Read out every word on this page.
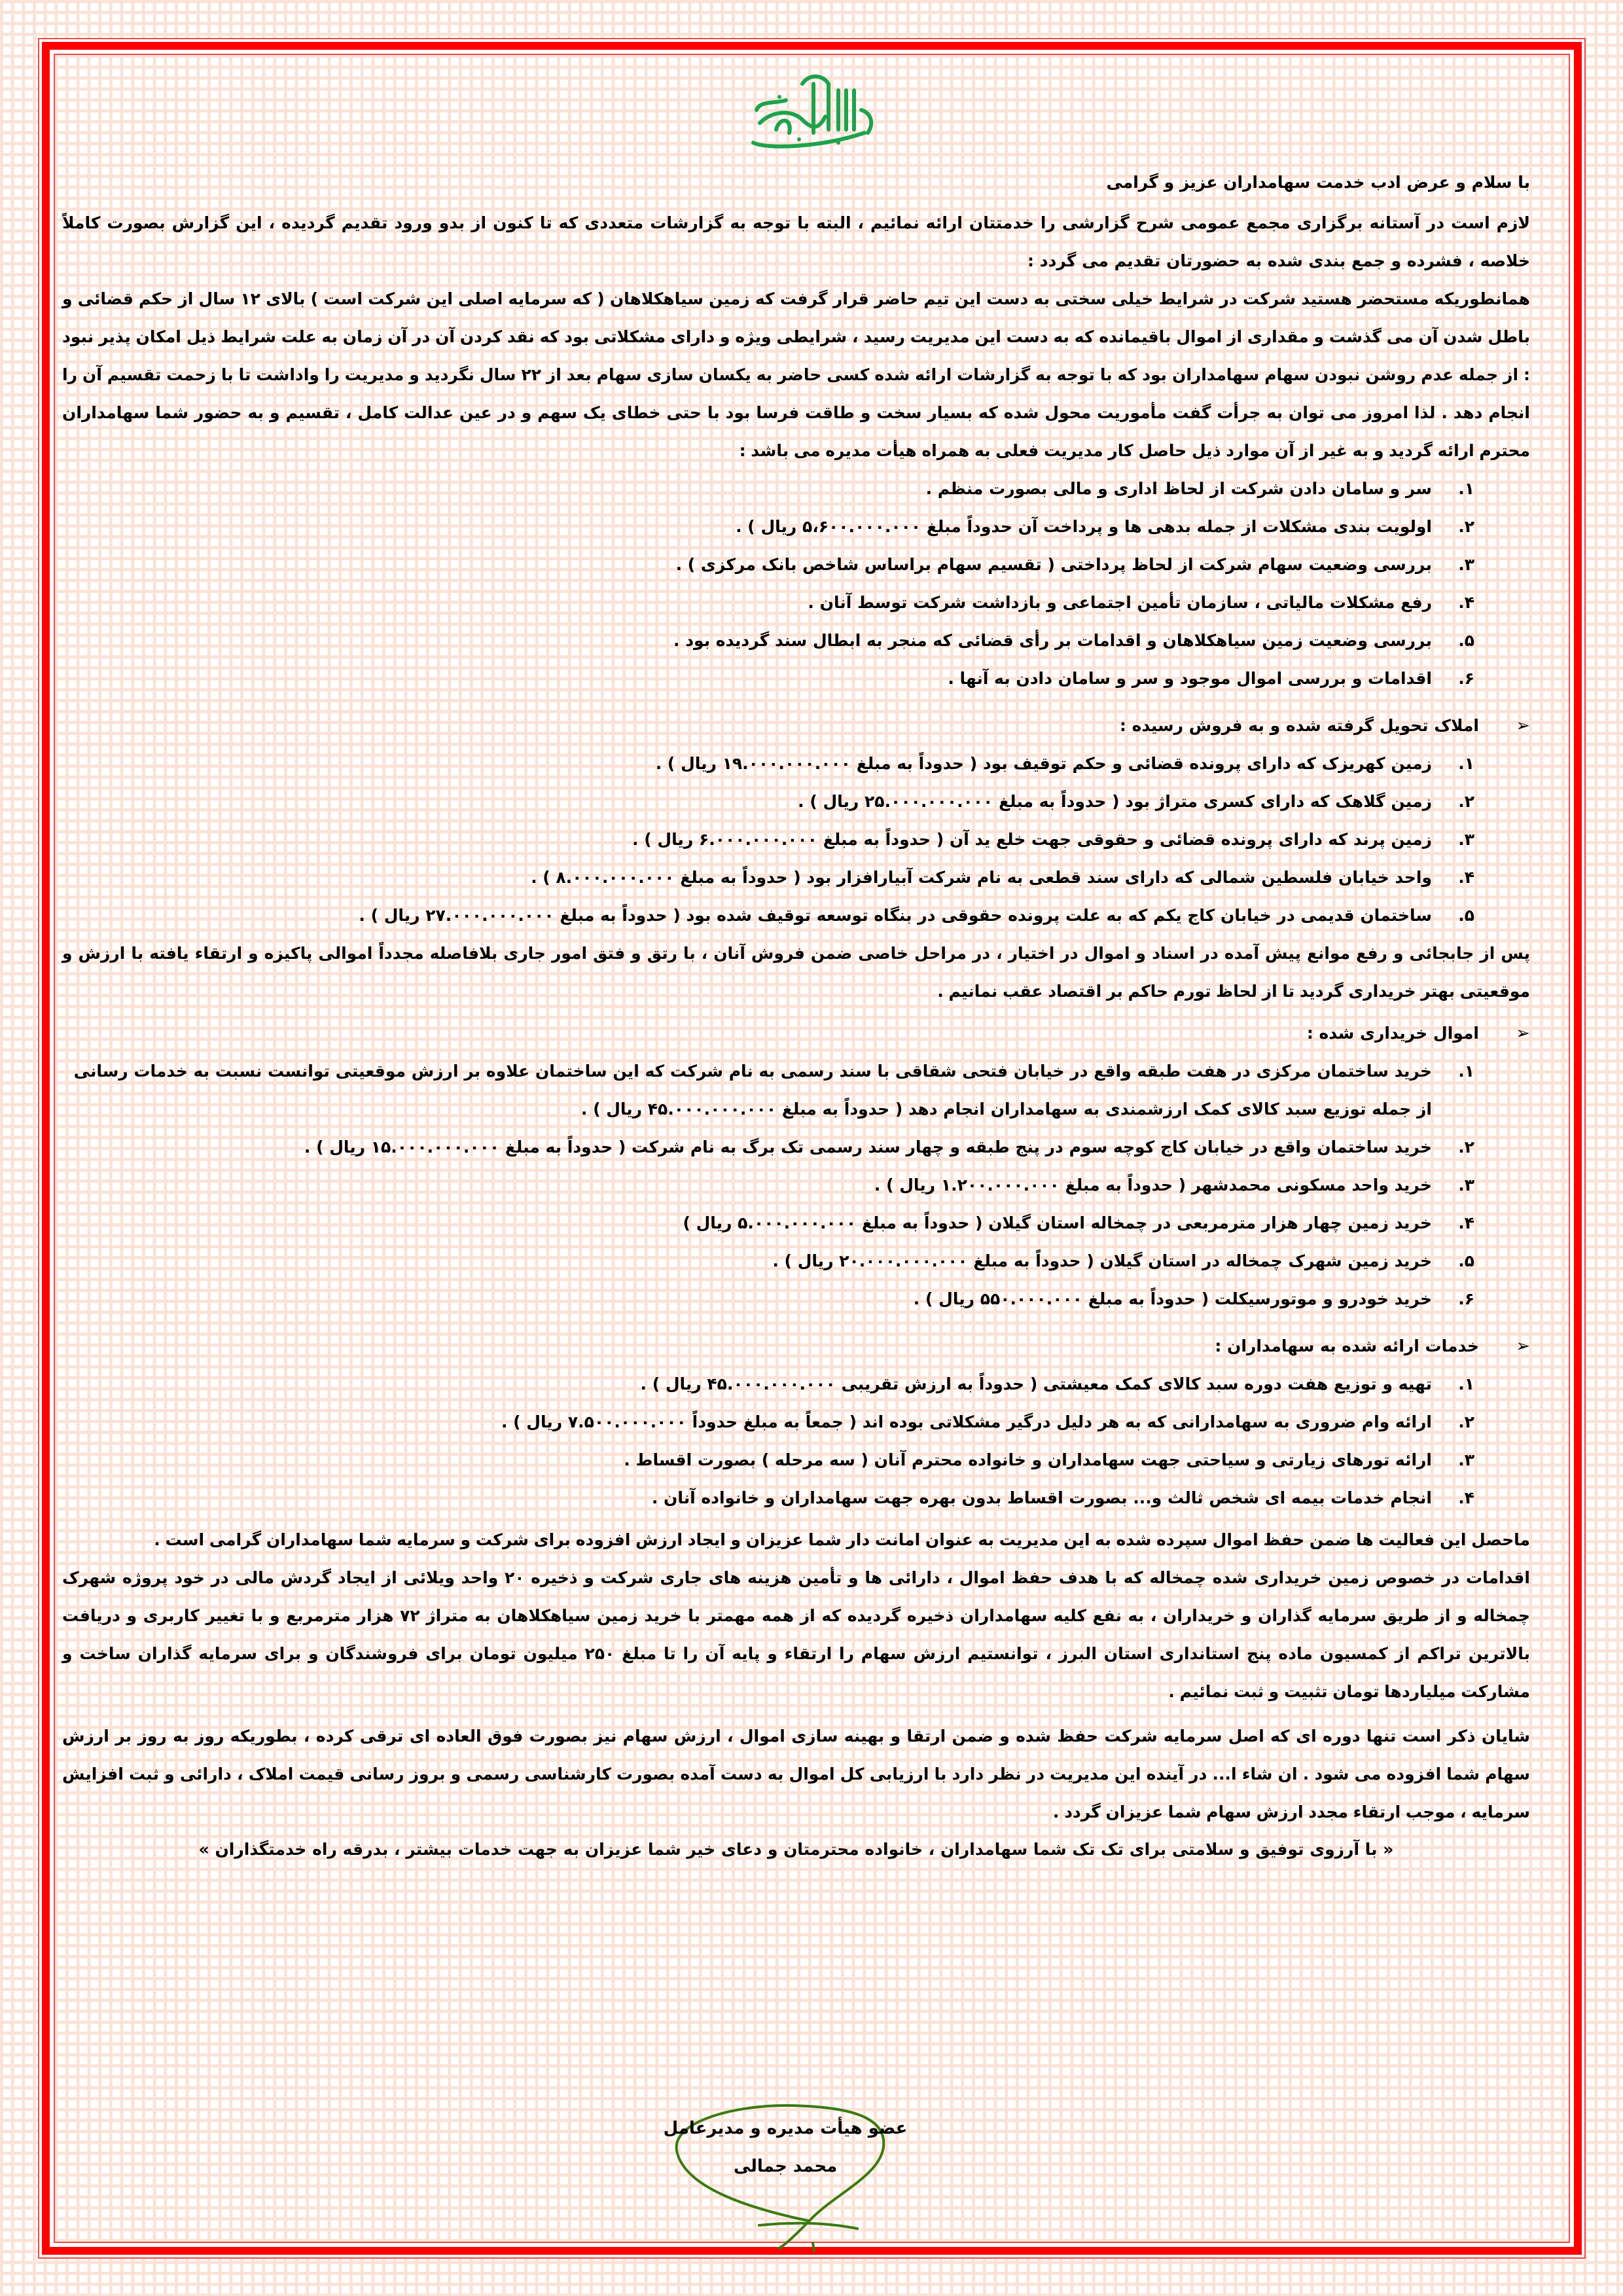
با سلام و عرض ادب خدمت سهامداران عزیز و گرامی

لازم است در آستانه برگزاری مجمع عمومی شرح گزارشی را خدمتتان ارائه نمائیم ، البته با توجه به گزارشات متعددی که تا کنون از بدو ورود تقدیم گردیده ، این گزارش بصورت کاملاً خلاصه ، فشرده و جمع بندی شده به حضورتان تقدیم می گردد :

همانطوریکه مستحضر هستید شرکت در شرایط خیلی سختی به دست این تیم حاضر قرار گرفت که زمین سیاهکلاهان ( که سرمایه اصلی این شرکت است ) بالای ۱۲ سال از حکم قضائی و باطل شدن آن می گذشت و مقداری از اموال باقیمانده که به دست این مدیریت رسید ، شرایطی ویژه و دارای مشکلاتی بود که نقد کردن آن در آن زمان به علت شرایط ذیل امکان پذیر نبود : از جمله عدم روشن نبودن سهام سهامداران بود که با توجه به گزارشات ارائه شده کسی حاضر به یکسان سازی سهام بعد از ۲۲ سال نگردید و مدیریت را واداشت تا با زحمت تقسیم آن را انجام دهد . لذا امروز می توان به جرأت گفت مأموریت محول شده که بسیار سخت و طاقت فرسا بود با حتی خطای یک سهم و در عین عدالت کامل ، تقسیم و به حضور شما سهامداران محترم ارائه گردید و به غیر از آن موارد ذیل حاصل کار مدیریت فعلی به همراه هیأت مدیره می باشد :

۱.
سر و سامان دادن شرکت از لحاظ اداری و مالی بصورت منظم .
۲.
اولویت بندی مشکلات از جمله بدهی ها و پرداخت آن حدوداً مبلغ ۵،۶۰۰.۰۰۰.۰۰۰ ریال ) .
۳.
بررسی وضعیت سهام شرکت از لحاظ پرداختی ( تقسیم سهام براساس شاخص بانک مرکزی ) .
۴.
رفع مشکلات مالیاتی ، سازمان تأمین اجتماعی و بازداشت شرکت توسط آنان .
۵.
بررسی وضعیت زمین سیاهکلاهان و اقدامات بر رأی قضائی که منجر به ابطال سند گردیده بود .
۶.
اقدامات و بررسی اموال موجود و سر و سامان دادن به آنها .
➢
املاک تحویل گرفته شده و به فروش رسیده :
۱.
زمین کهریزک که دارای پرونده قضائی و حکم توقیف بود ( حدوداً به مبلغ ۱۹.۰۰۰.۰۰۰.۰۰۰ ریال ) .
۲.
زمین گلاهک که دارای کسری متراژ بود ( حدوداً به مبلغ ۲۵.۰۰۰.۰۰۰.۰۰۰ ریال ) .
۳.
زمین پرند که دارای پرونده قضائی و حقوقی جهت خلع ید آن ( حدوداً به مبلغ ۶.۰۰۰.۰۰۰.۰۰۰ ریال ) .
۴.
واحد خیابان فلسطین شمالی که دارای سند قطعی به نام شرکت آبیارافزار بود ( حدوداً به مبلغ ۸.۰۰۰.۰۰۰.۰۰۰ ) .
۵.
ساختمان قدیمی در خیابان کاج یکم که به علت پرونده حقوقی در بنگاه توسعه توقیف شده بود ( حدوداً به مبلغ ۲۷.۰۰۰.۰۰۰.۰۰۰ ریال ) .

پس از جابجائی و رفع موانع پیش آمده در اسناد و اموال در اختیار ، در مراحل خاصی ضمن فروش آنان ، با رتق و فتق امور جاری بلافاصله مجدداً اموالی پاکیزه و ارتقاء یافته با ارزش و موقعیتی بهتر خریداری گردید تا از لحاظ تورم حاکم بر اقتصاد عقب نمانیم .

➢
اموال خریداری شده :
۱.
خرید ساختمان مرکزی در هفت طبقه واقع در خیابان فتحی شقاقی با سند رسمی به نام شرکت که این ساختمان علاوه بر ارزش موقعیتی توانست نسبت به خدمات رسانی از جمله توزیع سبد کالای کمک ارزشمندی به سهامداران انجام دهد ( حدوداً به مبلغ ۴۵.۰۰۰.۰۰۰.۰۰۰ ریال ) .
۲.
خرید ساختمان واقع در خیابان کاج کوچه سوم در پنج طبقه و چهار سند رسمی تک برگ به نام شرکت ( حدوداً به مبلغ ۱۵.۰۰۰.۰۰۰.۰۰۰ ریال ) .
۳.
خرید واحد مسکونی محمدشهر ( حدوداً به مبلغ ۱.۲۰۰.۰۰۰.۰۰۰ ریال ) .
۴.
خرید زمین چهار هزار مترمربعی در چمخاله استان گیلان ( حدوداً به مبلغ ۵.۰۰۰.۰۰۰.۰۰۰ ریال )
۵.
خرید زمین شهرک چمخاله در استان گیلان ( حدوداً به مبلغ ۲۰.۰۰۰.۰۰۰.۰۰۰ ریال ) .
۶.
خرید خودرو و موتورسیکلت ( حدوداً به مبلغ ۵۵۰.۰۰۰.۰۰۰ ریال ) .
➢
خدمات ارائه شده به سهامداران :
۱.
تهیه و توزیع هفت دوره سبد کالای کمک معیشتی ( حدوداً به ارزش تقریبی ۴۵.۰۰۰.۰۰۰.۰۰۰ ریال ) .
۲.
ارائه وام ضروری به سهامدارانی که به هر دلیل درگیر مشکلاتی بوده اند ( جمعاً به مبلغ حدوداً ۷.۵۰۰.۰۰۰.۰۰۰ ریال ) .
۳.
ارائه تورهای زیارتی و سیاحتی جهت سهامداران و خانواده محترم آنان ( سه مرحله ) بصورت اقساط .
۴.
انجام خدمات بیمه ای شخص ثالث و... بصورت اقساط بدون بهره جهت سهامداران و خانواده آنان .

ماحصل این فعالیت ها ضمن حفظ اموال سپرده شده به این مدیریت به عنوان امانت دار شما عزیزان و ایجاد ارزش افزوده برای شرکت و سرمایه شما سهامداران گرامی است .

اقدامات در خصوص زمین خریداری شده چمخاله که با هدف حفظ اموال ، دارائی ها و تأمین هزینه های جاری شرکت و ذخیره ۲۰ واحد ویلائی از ایجاد گردش مالی در خود پروژه شهرک چمخاله و از طریق سرمایه گذاران و خریداران ، به نفع کلیه سهامداران ذخیره گردیده که از همه مهمتر با خرید زمین سیاهکلاهان به متراژ ۷۲ هزار مترمربع و با تغییر کاربری و دریافت بالاترین تراکم از کمسیون ماده پنج استانداری استان البرز ، توانستیم ارزش سهام را ارتقاء و پایه آن را تا مبلغ ۲۵۰ میلیون تومان برای فروشندگان و برای سرمایه گذاران ساخت و مشارکت میلیاردها تومان تثبیت و ثبت نمائیم .

شایان ذکر است تنها دوره ای که اصل سرمایه شرکت حفظ شده و ضمن ارتقا و بهینه سازی اموال ، ارزش سهام نیز بصورت فوق العاده ای ترقی کرده ، بطوریکه روز به روز بر ارزش سهام شما افزوده می شود . ان شاء ا... در آینده این مدیریت در نظر دارد با ارزیابی کل اموال به دست آمده بصورت کارشناسی رسمی و بروز رسانی قیمت املاک ، دارائی و ثبت افزایش سرمایه ، موجب ارتقاء مجدد ارزش سهام شما عزیزان گردد .

« با آرزوی توفیق و سلامتی برای تک تک شما سهامداران ، خانواده محترمتان و دعای خیر شما عزیزان به جهت خدمات بیشتر ، بدرقه راه خدمتگذاران »
عضو هیأت مدیره و مدیرعامل
محمد جمالی
